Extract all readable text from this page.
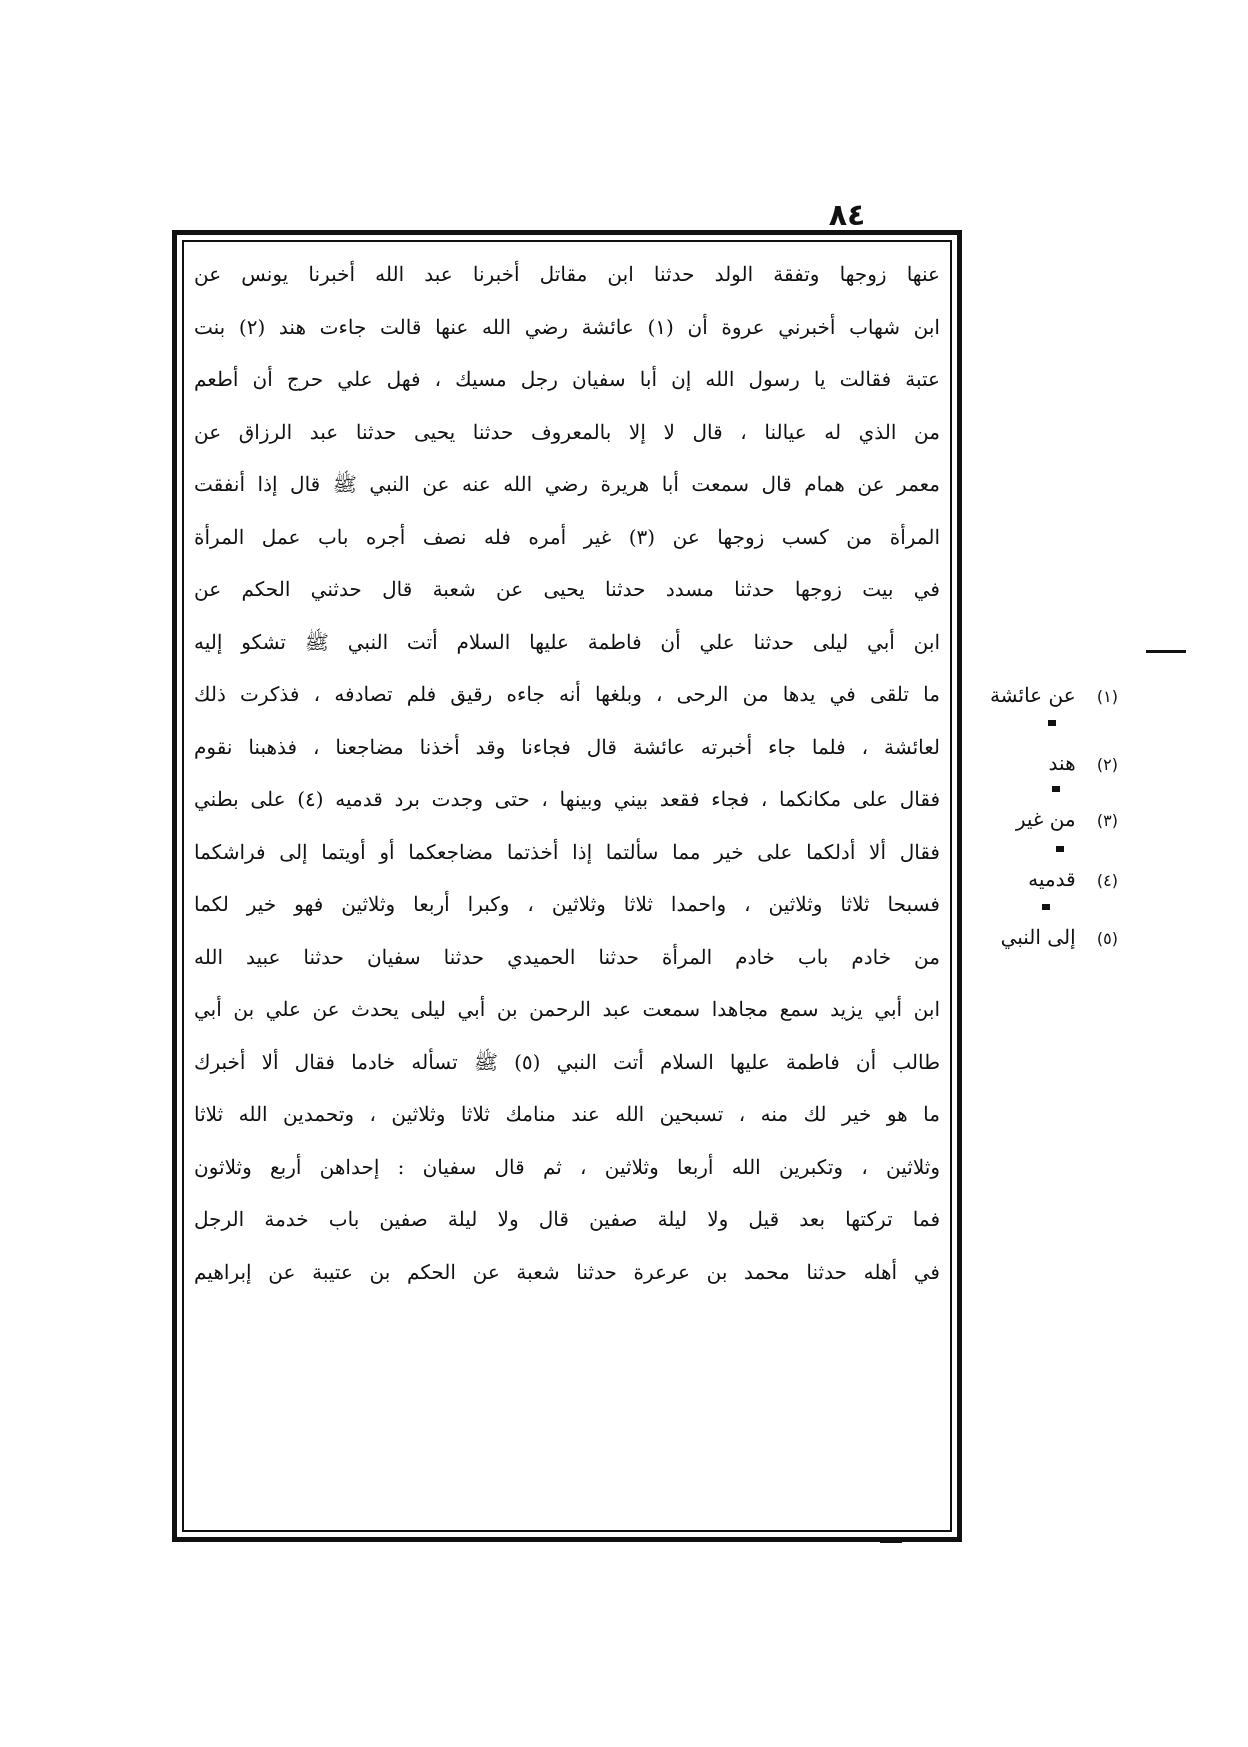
٨٤
عنها زوجها وتفقة الولد حدثنا ابن مقاتل أخبرنا عبد الله أخبرنا يونس عن
ابن شهاب أخبرني عروة أن (١) عائشة رضي الله عنها قالت جاءت هند (٢) بنت
عتبة فقالت يا رسول الله إن أبا سفيان رجل مسيك ، فهل علي حرج أن أطعم
من الذي له عيالنا ، قال لا إلا بالمعروف حدثنا يحيى حدثنا عبد الرزاق عن
معمر عن همام قال سمعت أبا هريرة رضي الله عنه عن النبي ﷺ قال إذا أنفقت
المرأة من كسب زوجها عن (٣) غير أمره فله نصف أجره باب عمل المرأة
في بيت زوجها حدثنا مسدد حدثنا يحيى عن شعبة قال حدثني الحكم عن
ابن أبي ليلى حدثنا علي أن فاطمة عليها السلام أتت النبي ﷺ تشكو إليه
ما تلقى في يدها من الرحى ، وبلغها أنه جاءه رقيق فلم تصادفه ، فذكرت ذلك
لعائشة ، فلما جاء أخبرته عائشة قال فجاءنا وقد أخذنا مضاجعنا ، فذهبنا نقوم
فقال على مكانكما ، فجاء فقعد بيني وبينها ، حتى وجدت برد قدميه (٤) على بطني
فقال ألا أدلكما على خير مما سألتما إذا أخذتما مضاجعكما أو أويتما إلى فراشكما
فسبحا ثلاثا وثلاثين ، واحمدا ثلاثا وثلاثين ، وكبرا أربعا وثلاثين فهو خير لكما
من خادم باب خادم المرأة حدثنا الحميدي حدثنا سفيان حدثنا عبيد الله
ابن أبي يزيد سمع مجاهدا سمعت عبد الرحمن بن أبي ليلى يحدث عن علي بن أبي
طالب أن فاطمة عليها السلام أتت النبي (٥) ﷺ تسأله خادما فقال ألا أخبرك
ما هو خير لك منه ، تسبحين الله عند منامك ثلاثا وثلاثين ، وتحمدين الله ثلاثا
وثلاثين ، وتكبرين الله أربعا وثلاثين ، ثم قال سفيان : إحداهن أربع وثلاثون
فما تركتها بعد قيل ولا ليلة صفين قال ولا ليلة صفين باب خدمة الرجل
في أهله حدثنا محمد بن عرعرة حدثنا شعبة عن الحكم بن عتيبة عن إبراهيم
(١) عن عائشة
(٢) هند
(٣) من غير
(٤) قدميه
(٥) إلى النبي
